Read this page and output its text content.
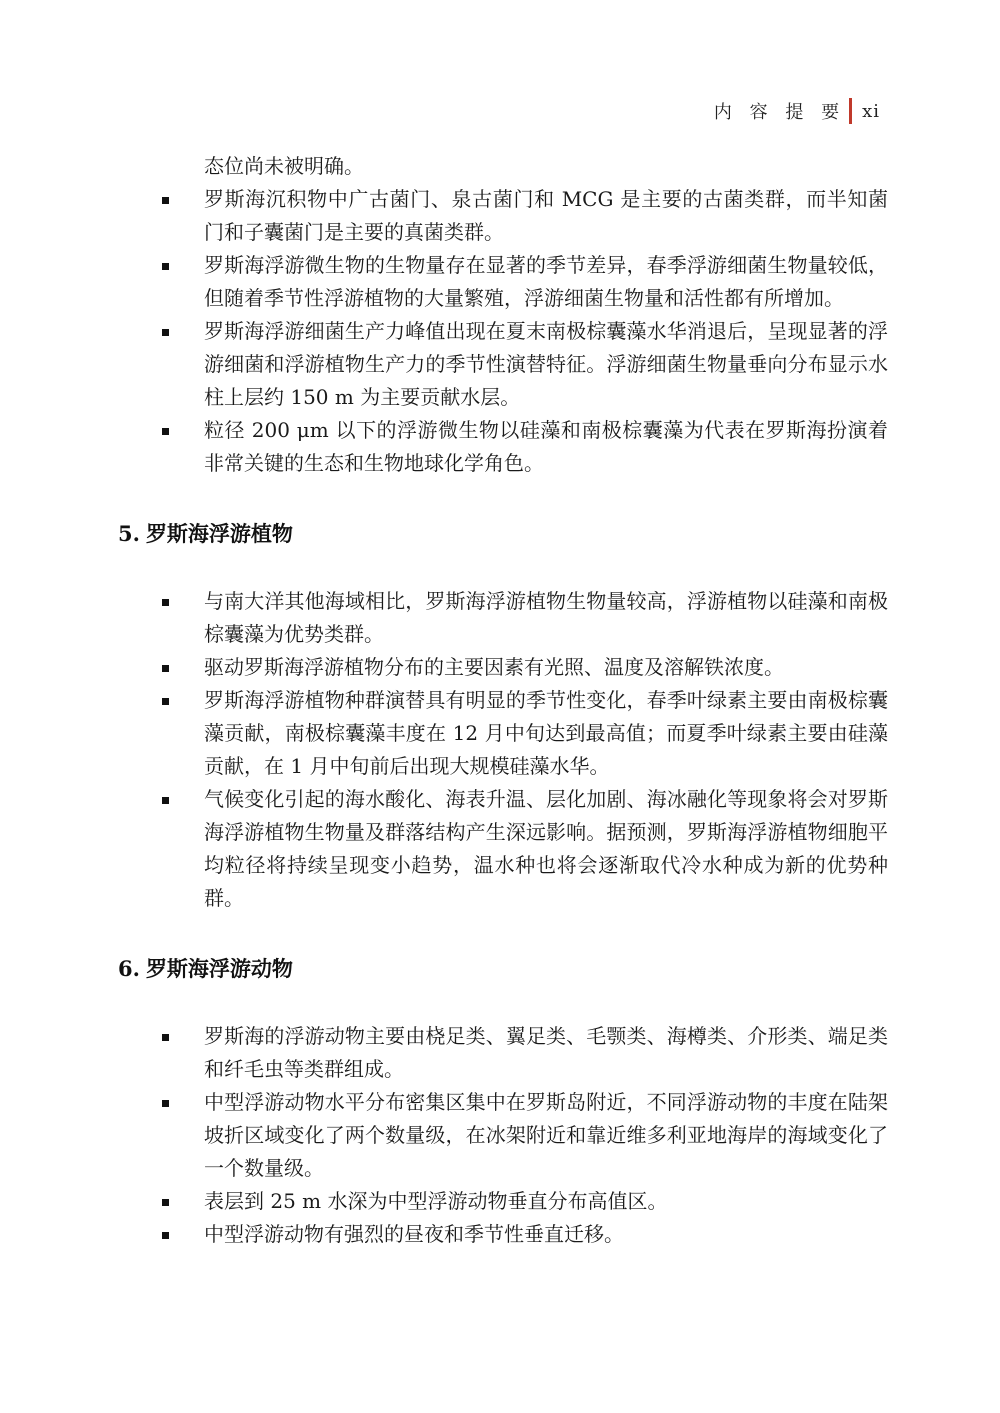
内 容 提 要 xi
态位尚未被明确。
罗斯海沉积物中广古菌门、泉古菌门和 MCG 是主要的古菌类群，而半知菌门和子囊菌门是主要的真菌类群。
罗斯海浮游微生物的生物量存在显著的季节差异，春季浮游细菌生物量较低，但随着季节性浮游植物的大量繁殖，浮游细菌生物量和活性都有所增加。
罗斯海浮游细菌生产力峰值出现在夏末南极棕囊藻水华消退后，呈现显著的浮游细菌和浮游植物生产力的季节性演替特征。浮游细菌生物量垂向分布显示水柱上层约 150 m 为主要贡献水层。
粒径 200 μm 以下的浮游微生物以硅藻和南极棕囊藻为代表在罗斯海扮演着非常关键的生态和生物地球化学角色。
5. 罗斯海浮游植物
与南大洋其他海域相比，罗斯海浮游植物生物量较高，浮游植物以硅藻和南极棕囊藻为优势类群。
驱动罗斯海浮游植物分布的主要因素有光照、温度及溶解铁浓度。
罗斯海浮游植物种群演替具有明显的季节性变化，春季叶绿素主要由南极棕囊藻贡献，南极棕囊藻丰度在 12 月中旬达到最高值；而夏季叶绿素主要由硅藻贡献，在 1 月中旬前后出现大规模硅藻水华。
气候变化引起的海水酸化、海表升温、层化加剧、海冰融化等现象将会对罗斯海浮游植物生物量及群落结构产生深远影响。据预测，罗斯海浮游植物细胞平均粒径将持续呈现变小趋势，温水种也将会逐渐取代冷水种成为新的优势种群。
6. 罗斯海浮游动物
罗斯海的浮游动物主要由桡足类、翼足类、毛颚类、海樽类、介形类、端足类和纤毛虫等类群组成。
中型浮游动物水平分布密集区集中在罗斯岛附近，不同浮游动物的丰度在陆架坡折区域变化了两个数量级，在冰架附近和靠近维多利亚地海岸的海域变化了一个数量级。
表层到 25 m 水深为中型浮游动物垂直分布高值区。
中型浮游动物有强烈的昼夜和季节性垂直迁移。
